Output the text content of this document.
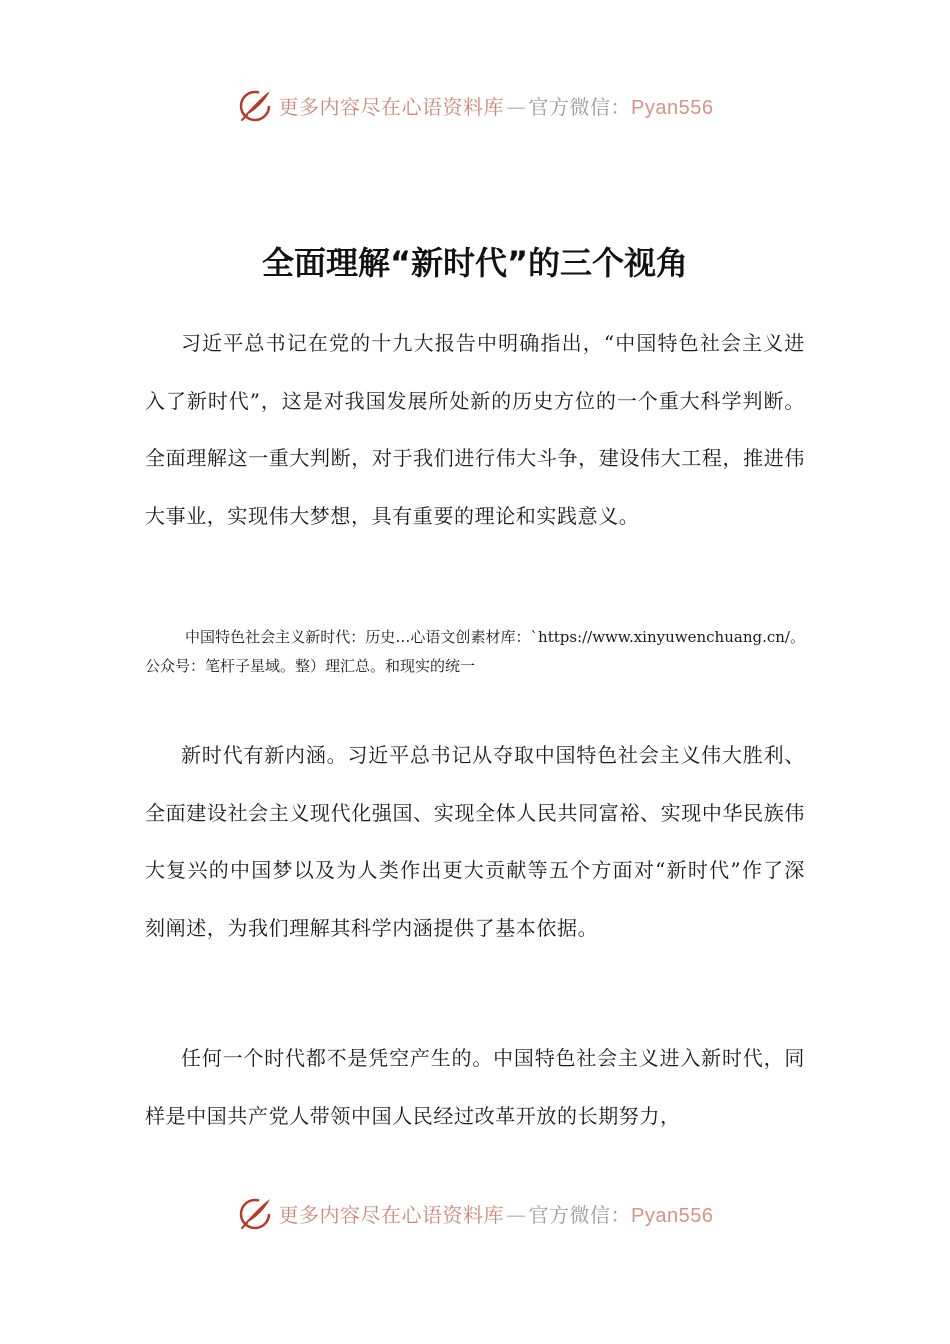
更多内容尽在心语资料库 — 官方微信：Pyan556
全面理解“新时代”的三个视角

习近平总书记在党的十九大报告中明确指出，“中国特色社会主义进入了新时代”，这是对我国发展所处新的历史方位的一个重大科学判断。全面理解这一重大判断，对于我们进行伟大斗争，建设伟大工程，推进伟大事业，实现伟大梦想，具有重要的理论和实践意义。

中国特色社会主义新时代：历史…心语文创素材库：`https://www.xinyuwenchuang.cn/。公众号：笔杆子星域。整）理汇总。和现实的统一

新时代有新内涵。习近平总书记从夺取中国特色社会主义伟大胜利、全面建设社会主义现代化强国、实现全体人民共同富裕、实现中华民族伟大复兴的中国梦以及为人类作出更大贡献等五个方面对“新时代”作了深刻阐述，为我们理解其科学内涵提供了基本依据。

任何一个时代都不是凭空产生的。中国特色社会主义进入新时代，同样是中国共产党人带领中国人民经过改革开放的长期努力，

更多内容尽在心语资料库 — 官方微信：Pyan556
